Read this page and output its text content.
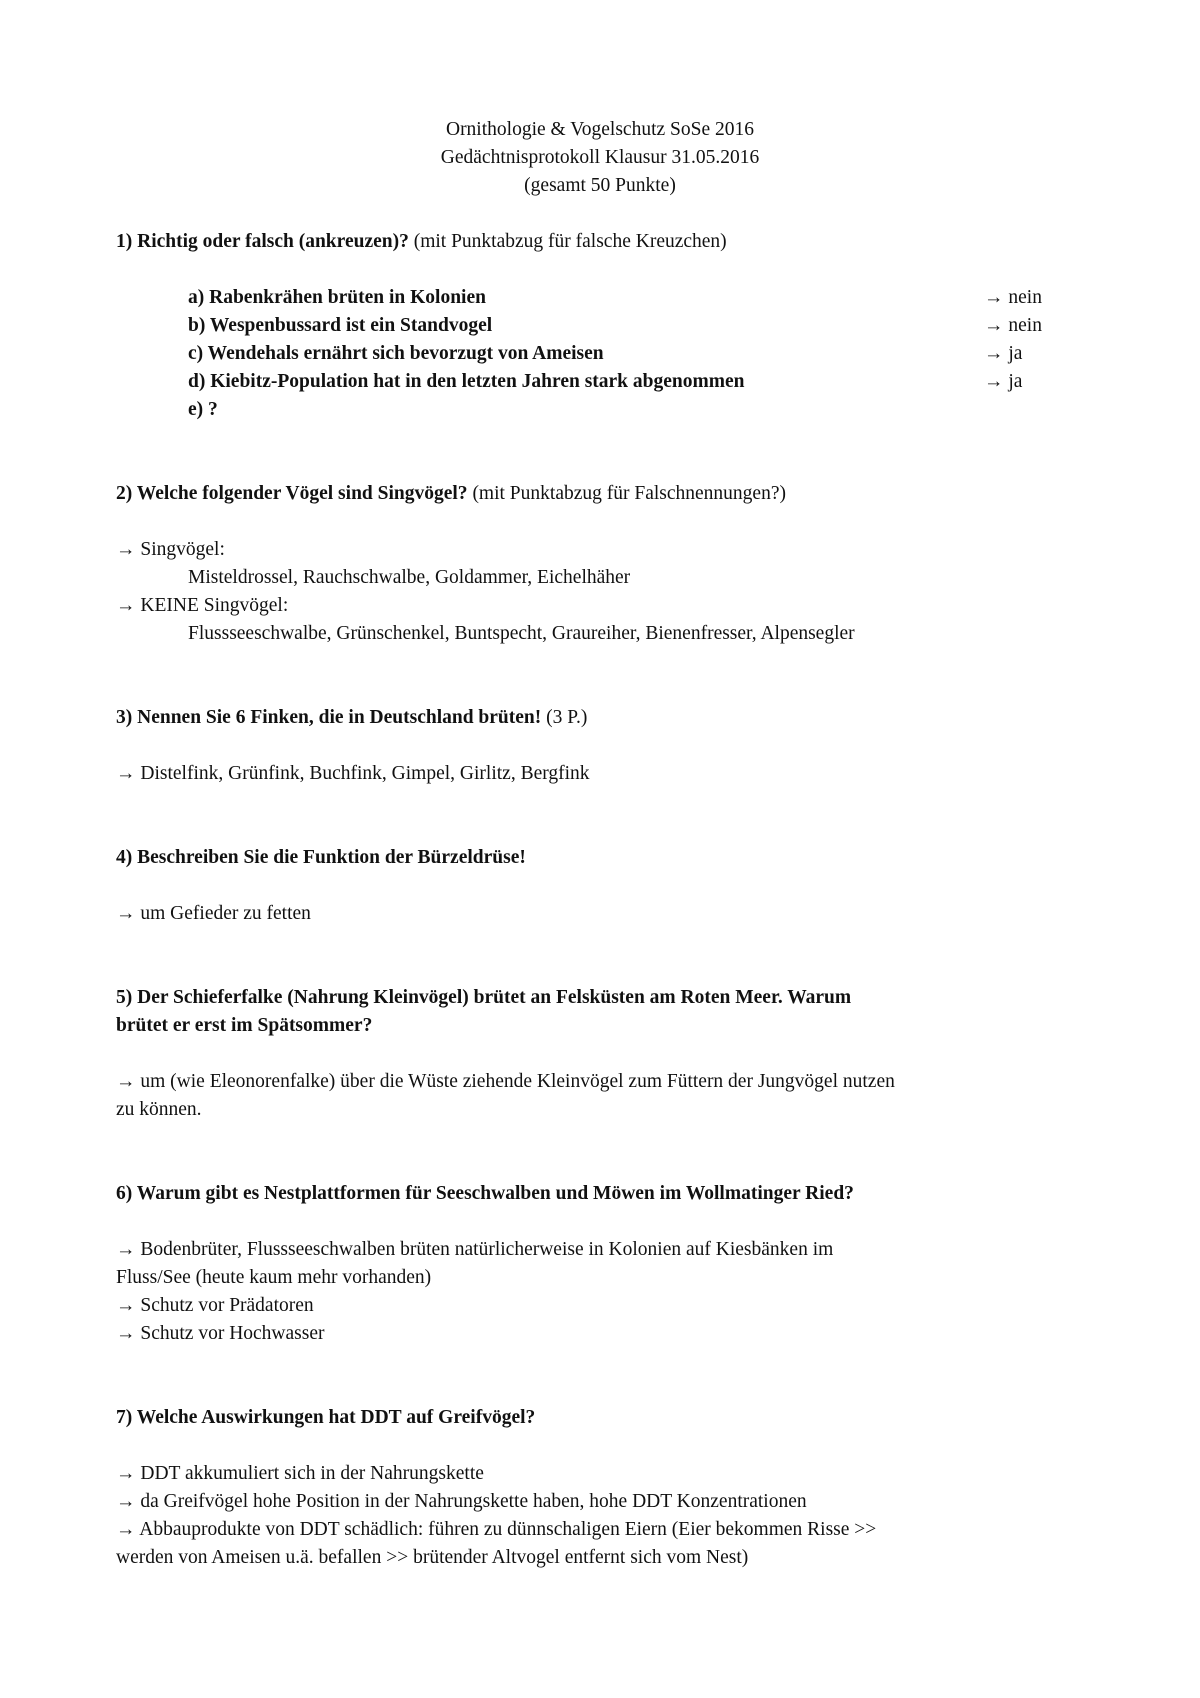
Ornithologie & Vogelschutz SoSe 2016
Gedächtnisprotokoll Klausur 31.05.2016
(gesamt 50 Punkte)
1) Richtig oder falsch (ankreuzen)? (mit Punktabzug für falsche Kreuzchen)
a) Rabenkrähen brüten in Kolonien	→ nein
b) Wespenbussard ist ein Standvogel	→ nein
c) Wendehals ernährt sich bevorzugt von Ameisen	→ ja
d) Kiebitz-Population hat in den letzten Jahren stark abgenommen	→ ja
e) ?
2) Welche folgender Vögel sind Singvögel? (mit Punktabzug für Falschnennungen?)
→ Singvögel:
Misteldrossel, Rauchschwalbe, Goldammer, Eichelhäher
→ KEINE Singvögel:
Flussseeschwalbe, Grünschenkel, Buntspecht, Graureiher, Bienenfresser, Alpensegler
3) Nennen Sie 6 Finken, die in Deutschland brüten! (3 P.)
→ Distelfink, Grünfink, Buchfink, Gimpel, Girlitz, Bergfink
4) Beschreiben Sie die Funktion der Bürzeldrüse!
→ um Gefieder zu fetten
5) Der Schieferfalke (Nahrung Kleinvögel) brütet an Felsküsten am Roten Meer. Warum
brütet er erst im Spätsommer?
→ um (wie Eleonorenfalke) über die Wüste ziehende Kleinvögel zum Füttern der Jungvögel nutzen
zu können.
6) Warum gibt es Nestplattformen für Seeschwalben und Möwen im Wollmatinger Ried?
→ Bodenbrüter, Flussseeschwalben brüten natürlicherweise in Kolonien auf Kiesbänken im
Fluss/See (heute kaum mehr vorhanden)
→ Schutz vor Prädatoren
→ Schutz vor Hochwasser
7) Welche Auswirkungen hat DDT auf Greifvögel?
→ DDT akkumuliert sich in der Nahrungskette
→ da Greifvögel hohe Position in der Nahrungskette haben, hohe DDT Konzentrationen
→ Abbauprodukte von DDT schädlich: führen zu dünnschaligen Eiern (Eier bekommen Risse >>
werden von Ameisen u.ä. befallen >> brütender Altvogel entfernt sich vom Nest)
